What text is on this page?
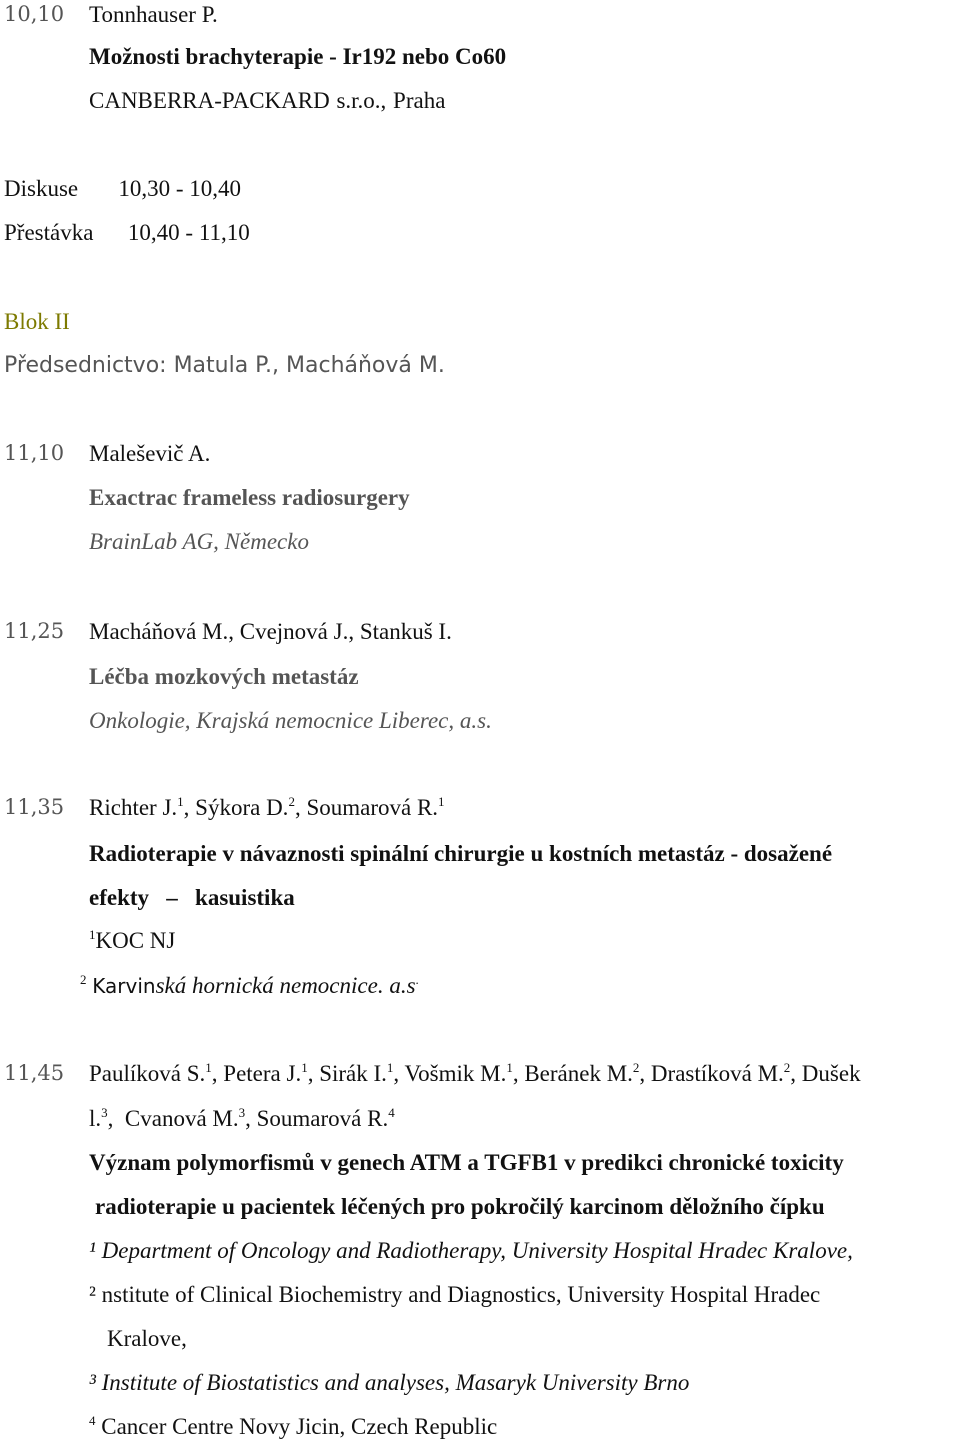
10,10 Tonnhauser P.
Možnosti brachyterapie - Ir192 nebo Co60
CANBERRA-PACKARD s.r.o., Praha
Diskuse       10,30 - 10,40
Přestávka      10,40 - 11,10
Blok II
Předsednictvo: Matula P., Macháňová M.
11,10 Maleševič A.
Exactrac frameless radiosurgery
BrainLab AG, Německo
11,25 Macháňová M., Cvejnová J., Stankuš I.
Léčba mozkových metastáz
Onkologie, Krajská nemocnice Liberec, a.s.
11,35 Richter J.$^1$, Sýkora D.$^2$, Soumarová R.$^1$
Radioterapie v návaznosti spinální chirurgie u kostních metastáz - dosažené
efekty   –   kasuistika
$^1$KOC NJ
$^2$ Karvinská hornická nemocnice. a.s.
11,45 Paulíková S.$^1$, Petera J.$^1$, Sirák I.$^1$, Vošmik M.$^1$, Beránek M.$^2$, Drastíková M.$^2$, Dušek
l.$^3$,  Cvanová M.$^3$, Soumarová R.$^4$
Význam polymorfismů v genech ATM a TGFB1 v predikci chronické toxicity
radioterapie u pacientek léčených pro pokročilý karcinom děložního čípku
¹ Department of Oncology and Radiotherapy, University Hospital Hradec Kralove,
² nstitute of Clinical Biochemistry and Diagnostics, University Hospital Hradec
Kralove,
³ Institute of Biostatistics and analyses, Masaryk University Brno
$^4$ Cancer Centre Novy Jicin, Czech Republic
